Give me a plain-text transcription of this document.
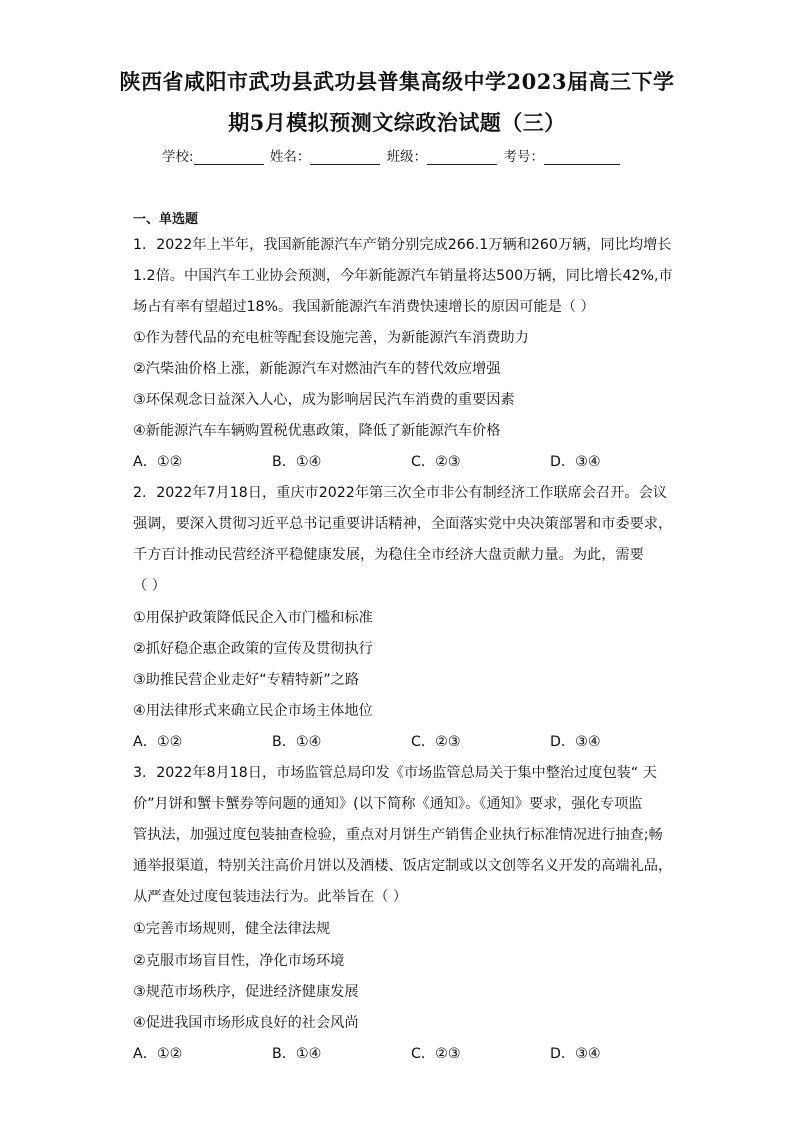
陕西省咸阳市武功县武功县普集高级中学2023届高三下学
期5月模拟预测文综政治试题（三）
学校:	姓名：	班级：	考号：
一、单选题
1．2022年上半年，我国新能源汽车产销分别完成266.1万辆和260万辆，同比均增长
1.2倍。中国汽车工业协会预测，今年新能源汽车销量将达500万辆，同比增长42%,市
场占有率有望超过18%。我国新能源汽车消费快速增长的原因可能是（ ）
①作为替代品的充电桩等配套设施完善，为新能源汽车消费助力
②汽柴油价格上涨，新能源汽车对燃油汽车的替代效应增强
③环保观念日益深入人心，成为影响居民汽车消费的重要因素
④新能源汽车车辆购置税优惠政策，降低了新能源汽车价格
A．①②	B．①④	C．②③	D．③④
2．2022年7月18日，重庆市2022年第三次全市非公有制经济工作联席会召开。会议
强调，要深入贯彻习近平总书记重要讲话精神，全面落实党中央决策部署和市委要求，
千方百计推动民营经济平稳健康发展，为稳住全市经济大盘贡献力量。为此，需要
（ ）
①用保护政策降低民企入市门槛和标准
②抓好稳企惠企政策的宣传及贯彻执行
③助推民营企业走好“专精特新”之路
④用法律形式来确立民企市场主体地位
A．①②	B．①④	C．②③	D．③④
3．2022年8月18日，市场监管总局印发《市场监管总局关于集中整治过度包装“ 天
价”月饼和蟹卡蟹券等问题的通知》(以下简称《通知》。《通知》要求，强化专项监
管执法，加强过度包装抽查检验，重点对月饼生产销售企业执行标准情况进行抽查;畅
通举报渠道，特别关注高价月饼以及酒楼、饭店定制或以文创等名义开发的高端礼品，
从严查处过度包装违法行为。此举旨在（ ）
①完善市场规则，健全法律法规
②克服市场盲目性，净化市场环境
③规范市场秩序，促进经济健康发展
④促进我国市场形成良好的社会风尚
A．①②	B．①④	C．②③	D．③④
